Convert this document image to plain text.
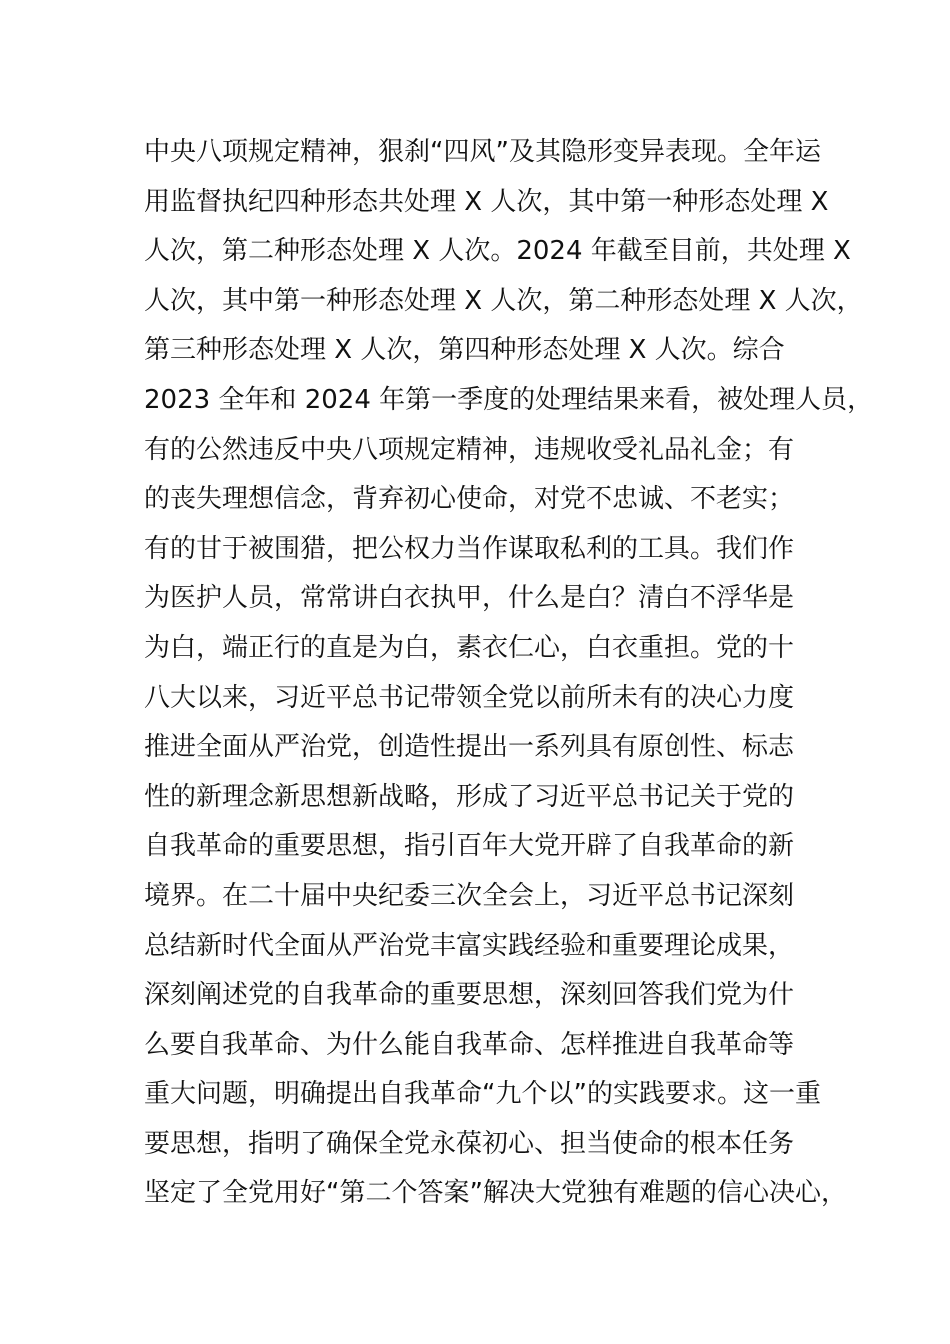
中央八项规定精神，狠刹“四风”及其隐形变异表现。全年运
用监督执纪四种形态共处理 X 人次，其中第一种形态处理 X
人次，第二种形态处理 X 人次。2024 年截至目前，共处理 X
人次，其中第一种形态处理 X 人次，第二种形态处理 X 人次，
第三种形态处理 X 人次，第四种形态处理 X 人次。综合
2023 全年和 2024 年第一季度的处理结果来看，被处理人员，
有的公然违反中央八项规定精神，违规收受礼品礼金；有
的丧失理想信念，背弃初心使命，对党不忠诚、不老实；
有的甘于被围猎，把公权力当作谋取私利的工具。我们作
为医护人员，常常讲白衣执甲，什么是白？清白不浮华是
为白，端正行的直是为白，素衣仁心，白衣重担。党的十
八大以来，习近平总书记带领全党以前所未有的决心力度
推进全面从严治党，创造性提出一系列具有原创性、标志
性的新理念新思想新战略，形成了习近平总书记关于党的
自我革命的重要思想，指引百年大党开辟了自我革命的新
境界。在二十届中央纪委三次全会上，习近平总书记深刻
总结新时代全面从严治党丰富实践经验和重要理论成果，
深刻阐述党的自我革命的重要思想，深刻回答我们党为什
么要自我革命、为什么能自我革命、怎样推进自我革命等
重大问题，明确提出自我革命“九个以”的实践要求。这一重
要思想，指明了确保全党永葆初心、担当使命的根本任务
坚定了全党用好“第二个答案”解决大党独有难题的信心决心，
